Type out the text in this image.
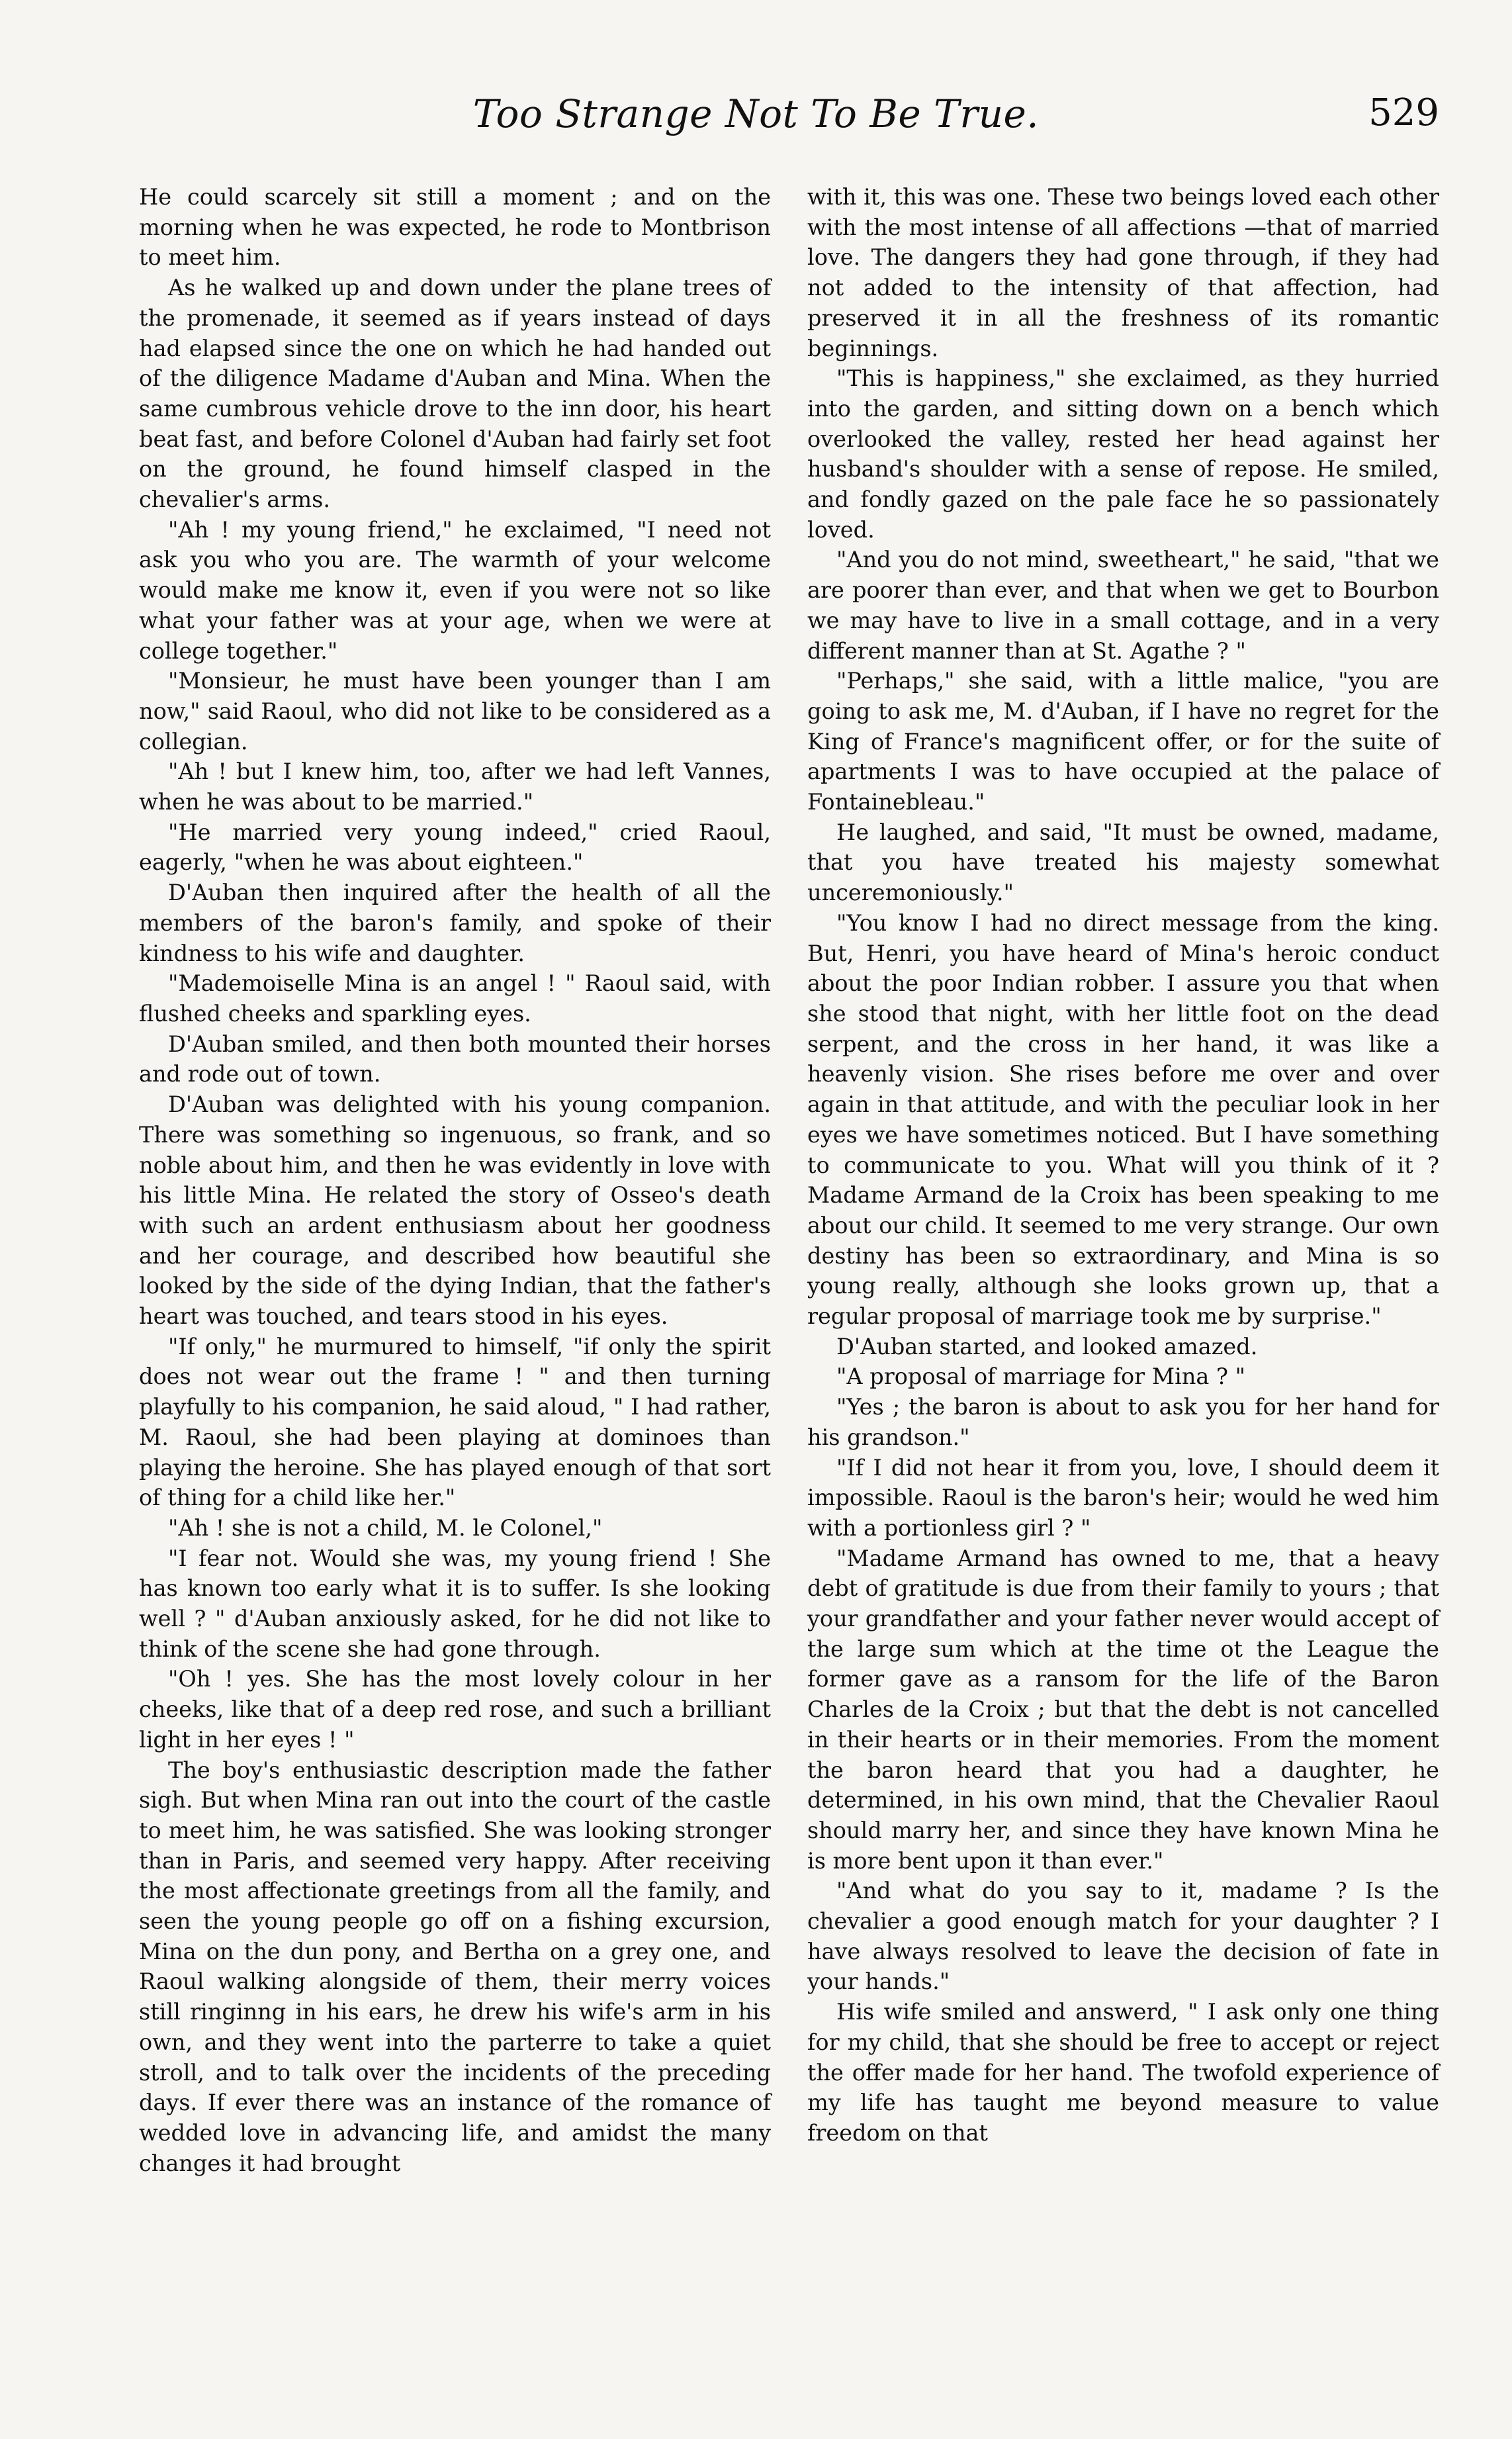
Too Strange Not To Be True.	529

He could scarcely sit still a moment ; and on the morning when he was expected, he rode to Montbrison to meet him.

As he walked up and down under the plane trees of the promenade, it seemed as if years instead of days had elapsed since the one on which he had handed out of the diligence Madame d'Auban and Mina. When the same cumbrous vehicle drove to the inn door, his heart beat fast, and before Colonel d'Auban had fairly set foot on the ground, he found himself clasped in the chevalier's arms.

"Ah ! my young friend," he exclaimed, "I need not ask you who you are. The warmth of your welcome would make me know it, even if you were not so like what your father was at your age, when we were at college together."

"Monsieur, he must have been younger than I am now," said Raoul, who did not like to be considered as a collegian.

"Ah ! but I knew him, too, after we had left Vannes, when he was about to be married."

"He married very young indeed," cried Raoul, eagerly, "when he was about eighteen."

D'Auban then inquired after the health of all the members of the baron's family, and spoke of their kindness to his wife and daughter.

"Mademoiselle Mina is an angel ! " Raoul said, with flushed cheeks and sparkling eyes.

D'Auban smiled, and then both mounted their horses and rode out of town.

D'Auban was delighted with his young companion. There was something so ingenuous, so frank, and so noble about him, and then he was evidently in love with his little Mina. He related the story of Osseo's death with such an ardent enthusiasm about her goodness and her courage, and described how beautiful she looked by the side of the dying Indian, that the father's heart was touched, and tears stood in his eyes.

"If only," he murmured to himself, "if only the spirit does not wear out the frame ! " and then turning playfully to his companion, he said aloud, " I had rather, M. Raoul, she had been playing at dominoes than playing the heroine. She has played enough of that sort of thing for a child like her."

"Ah ! she is not a child, M. le Colonel,"

"I fear not. Would she was, my young friend ! She has known too early what it is to suffer. Is she looking well ? " d'Auban anxiously asked, for he did not like to think of the scene she had gone through.

"Oh ! yes. She has the most lovely colour in her cheeks, like that of a deep red rose, and such a brilliant light in her eyes ! "

The boy's enthusiastic description made the father sigh. But when Mina ran out into the court of the castle to meet him, he was satisfied. She was looking stronger than in Paris, and seemed very happy. After receiving the most affectionate greetings from all the family, and seen the young people go off on a fishing excursion, Mina on the dun pony, and Bertha on a grey one, and Raoul walking alongside of them, their merry voices still ringinng in his ears, he drew his wife's arm in his own, and they went into the parterre to take a quiet stroll, and to talk over the incidents of the preceding days. If ever there was an instance of the romance of wedded love in advancing life, and amidst the many changes it had brought

with it, this was one. These two beings loved each other with the most intense of all affections —that of married love. The dangers they had gone through, if they had not added to the intensity of that affection, had preserved it in all the freshness of its romantic beginnings.

"This is happiness," she exclaimed, as they hurried into the garden, and sitting down on a bench which overlooked the valley, rested her head against her husband's shoulder with a sense of repose. He smiled, and fondly gazed on the pale face he so passionately loved.

"And you do not mind, sweetheart," he said, "that we are poorer than ever, and that when we get to Bourbon we may have to live in a small cottage, and in a very different manner than at St. Agathe ? "

"Perhaps," she said, with a little malice, "you are going to ask me, M. d'Auban, if I have no regret for the King of France's magnificent offer, or for the suite of apartments I was to have occupied at the palace of Fontainebleau."

He laughed, and said, "It must be owned, madame, that you have treated his majesty somewhat unceremoniously."

"You know I had no direct message from the king. But, Henri, you have heard of Mina's heroic conduct about the poor Indian robber. I assure you that when she stood that night, with her little foot on the dead serpent, and the cross in her hand, it was like a heavenly vision. She rises before me over and over again in that attitude, and with the peculiar look in her eyes we have sometimes noticed. But I have something to communicate to you. What will you think of it ? Madame Armand de la Croix has been speaking to me about our child. It seemed to me very strange. Our own destiny has been so extraordinary, and Mina is so young really, although she looks grown up, that a regular proposal of marriage took me by surprise."

D'Auban started, and looked amazed.

"A proposal of marriage for Mina ? "

"Yes ; the baron is about to ask you for her hand for his grandson."

"If I did not hear it from you, love, I should deem it impossible. Raoul is the baron's heir; would he wed him with a portionless girl ? "

"Madame Armand has owned to me, that a heavy debt of gratitude is due from their family to yours ; that your grandfather and your father never would accept of the large sum which at the time ot the League the former gave as a ransom for the life of the Baron Charles de la Croix ; but that the debt is not cancelled in their hearts or in their memories. From the moment the baron heard that you had a daughter, he determined, in his own mind, that the Chevalier Raoul should marry her, and since they have known Mina he is more bent upon it than ever."

"And what do you say to it, madame ? Is the chevalier a good enough match for your daughter ? I have always resolved to leave the decision of fate in your hands."

His wife smiled and answerd, " I ask only one thing for my child, that she should be free to accept or reject the offer made for her hand. The twofold experience of my life has taught me beyond measure to value freedom on that
